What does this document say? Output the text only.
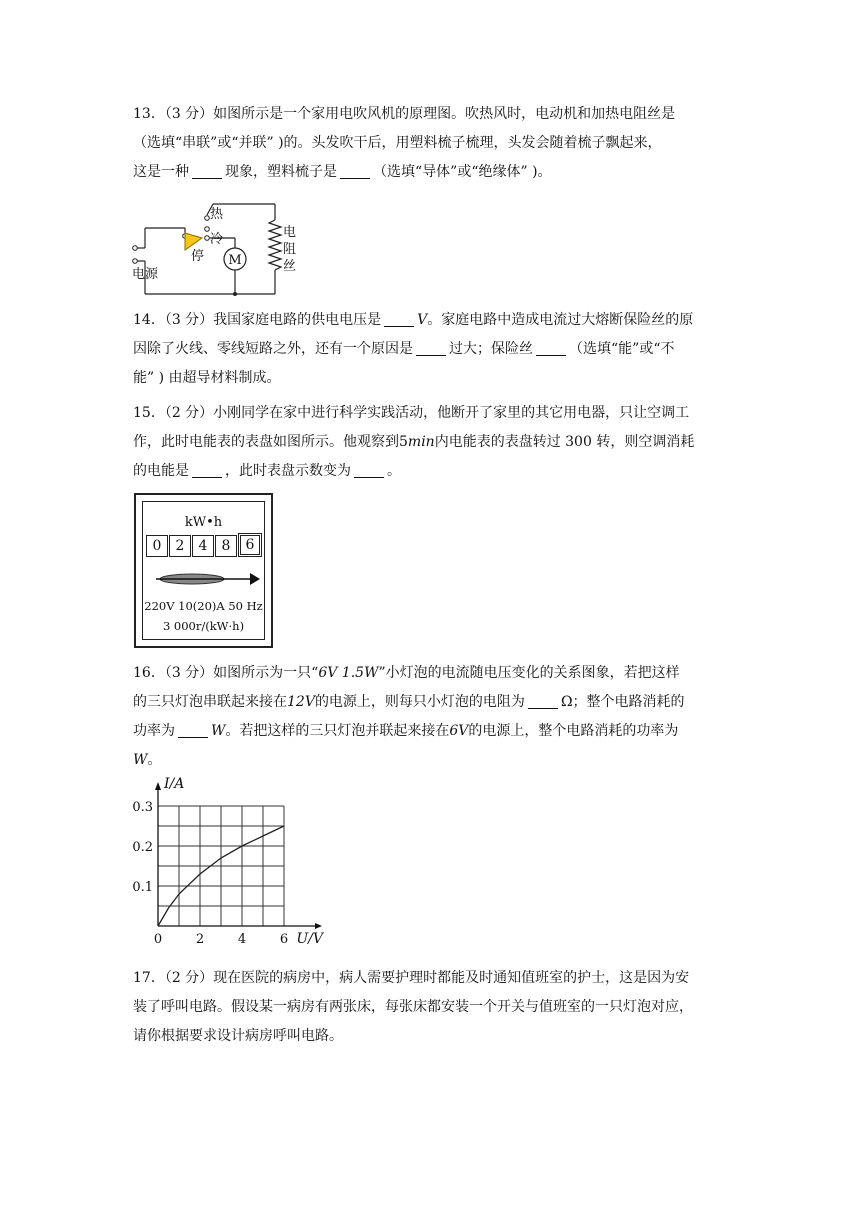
13．（3 分）如图所示是一个家用电吹风机的原理图。吹热风时，电动机和加热电阻丝是
（选填“串联”或“并联” )的。头发吹干后，用塑料梳子梳理，头发会随着梳子飘起来，
这是一种	现象，塑料梳子是	（选填“导体”或“绝缘体” )。
M
热
冷
停
电源
电
阻
丝
14．（3 分）我国家庭电路的供电电压是	V。家庭电路中造成电流过大熔断保险丝的原
因除了火线、零线短路之外，还有一个原因是	过大；保险丝	（选填“能”或“不
能” ) 由超导材料制成。
15．（2 分）小刚同学在家中进行科学实践活动，他断开了家里的其它用电器，只让空调工
作，此时电能表的表盘如图所示。他观察到5min内电能表的表盘转过 300 转，则空调消耗
的电能是	，此时表盘示数变为	。
kW•h
0	2	4	8	6
220V 10(20)A 50 Hz
3 000r/(kW·h)
16．（3 分）如图所示为一只“6V 1.5W”小灯泡的电流随电压变化的关系图象，若把这样
的三只灯泡串联起来接在12V的电源上，则每只小灯泡的电阻为	Ω；整个电路消耗的
功率为	W。若把这样的三只灯泡并联起来接在6V的电源上，整个电路消耗的功率为
W。
0	2	4	6
0.1
0.2
0.3
U/V
I/A
17．（2 分）现在医院的病房中，病人需要护理时都能及时通知值班室的护士，这是因为安
装了呼叫电路。假设某一病房有两张床，每张床都安装一个开关与值班室的一只灯泡对应，
请你根据要求设计病房呼叫电路。
